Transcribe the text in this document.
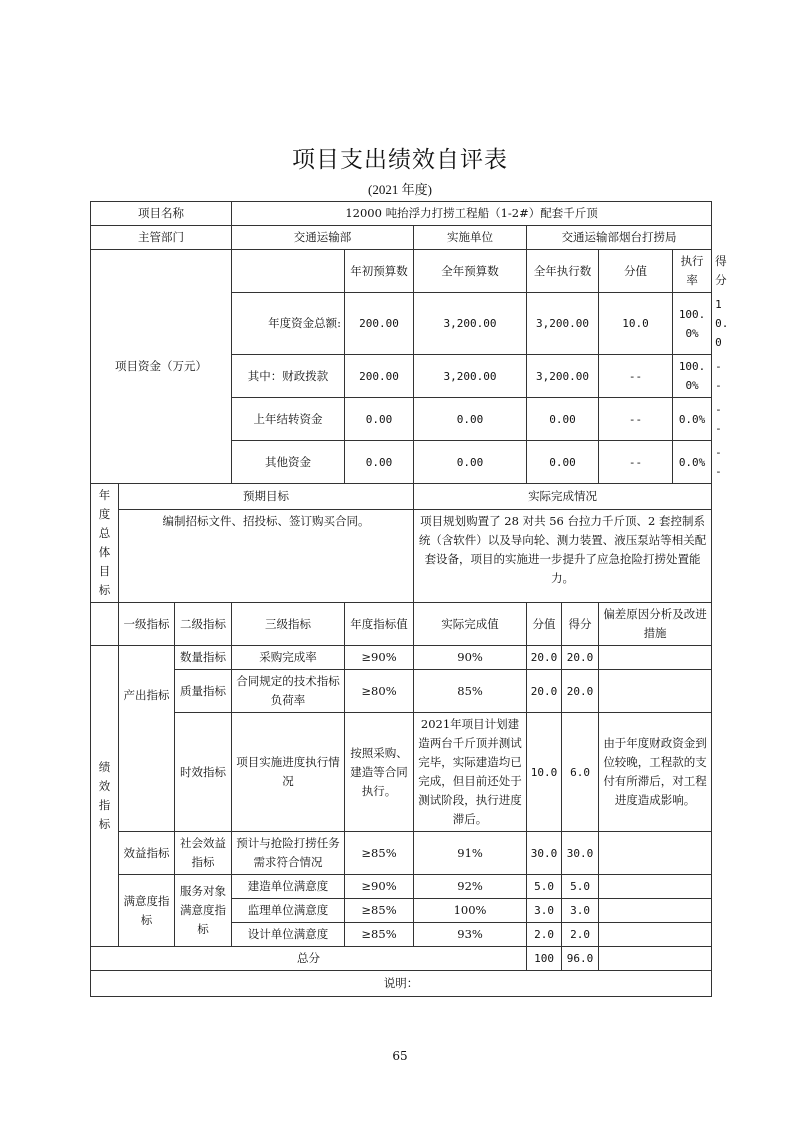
项目支出绩效自评表
(2021 年度)
项目名称			12000 吨抬浮力打捞工程船（1-2#）配套千斤顶							
主管部门			交通运输部		实施单位	交通运输部烟台打捞局				
项目资金（万元）				年初预算数	全年预算数	全年执行数		分值	执行率	得分
			年度资金总额:	200.00	3,200.00	3,200.00		10.0	100.0%	10.0
			其中：财政拨款	200.00	3,200.00	3,200.00		--	100.0%	--
			上年结转资金	0.00	0.00	0.00		--	0.0%	--
			其他资金	0.00	0.00	0.00		--	0.0%	--

年度总体目标	预期目标				实际完成情况					
	编制招标文件、招投标、签订购买合同。				项目规划购置了 28 对共 56 台拉力千斤顶、2 套控制系统（含软件）以及导向轮、测力装置、液压泵站等相关配套设备，项目的实施进一步提升了应急抢险打捞处置能力。					
	一级指标	二级指标	三级指标	年度指标值	实际完成值	分值	得分	偏差原因分析及改进措施		

绩效指标	产出指标	数量指标	采购完成率	≥90%	90%	20.0	20.0			
		质量指标	合同规定的技术指标负荷率	≥80%	85%	20.0	20.0			
		时效指标	项目实施进度执行情况	按照采购、建造等合同执行。	2021年项目计划建造两台千斤顶并测试完毕，实际建造均已完成，但目前还处于测试阶段，执行进度滞后。	10.0	6.0	由于年度财政资金到位较晚，工程款的支付有所滞后，对工程进度造成影响。		
	效益指标	社会效益指标	预计与抢险打捞任务需求符合情况	≥85%	91%	30.0	30.0			
	满意度指标	服务对象满意度指标	建造单位满意度	≥90%	92%	5.0	5.0			
			监理单位满意度	≥85%	100%	3.0	3.0			
			设计单位满意度	≥85%	93%	2.0	2.0			
总分						100	96.0			
说明：										
65
